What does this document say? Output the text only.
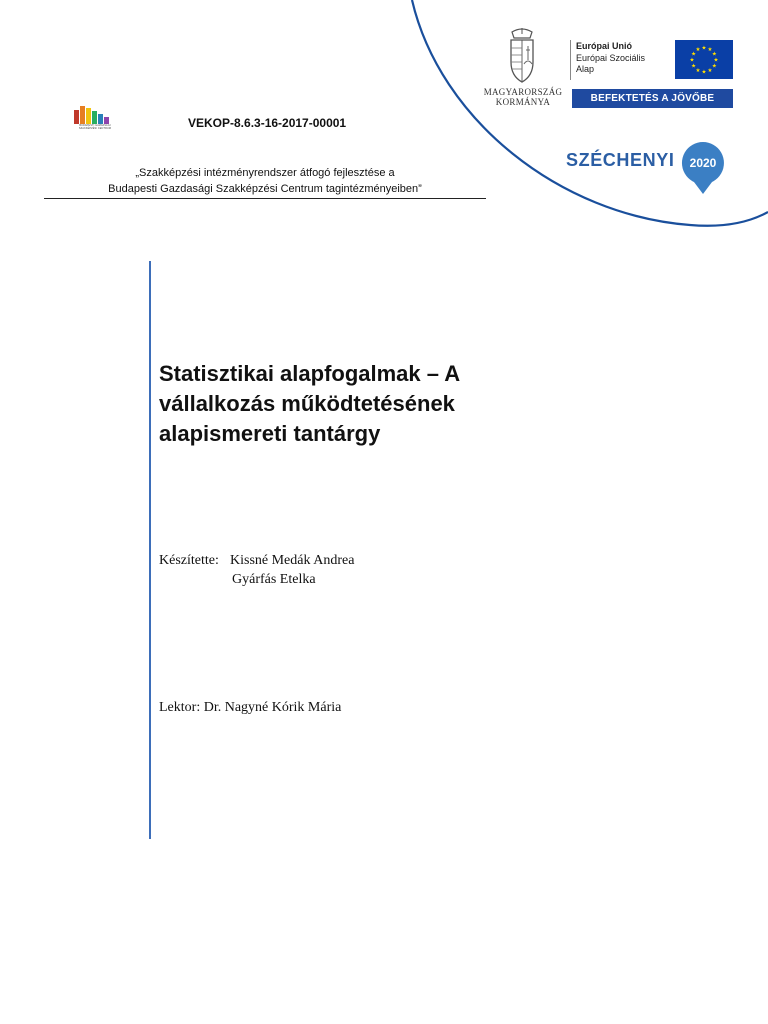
BUDAPESTI GAZDASÁGI SZAKKÉPZÉSI CENTRUM	VEKOP-8.6.3-16-2017-00001
„Szakképzési intézményrendszer átfogó fejlesztése a
Budapesti Gazdasági Szakképzési Centrum tagintézményeiben”
MAGYARORSZÁG
KORMÁNYA
Európai Unió
Európai Szociális
Alap
★ ★
★
★
★
★
★
★
★
★
★
★
BEFEKTETÉS A JÖVŐBE
SZÉCHENYI 2020
Statisztikai alapfogalmak – A
vállalkozás működtetésének
alapismereti tantárgy
Készítette: Kissné Medák Andrea
Gyárfás Etelka
Lektor: Dr. Nagyné Kórik Mária
